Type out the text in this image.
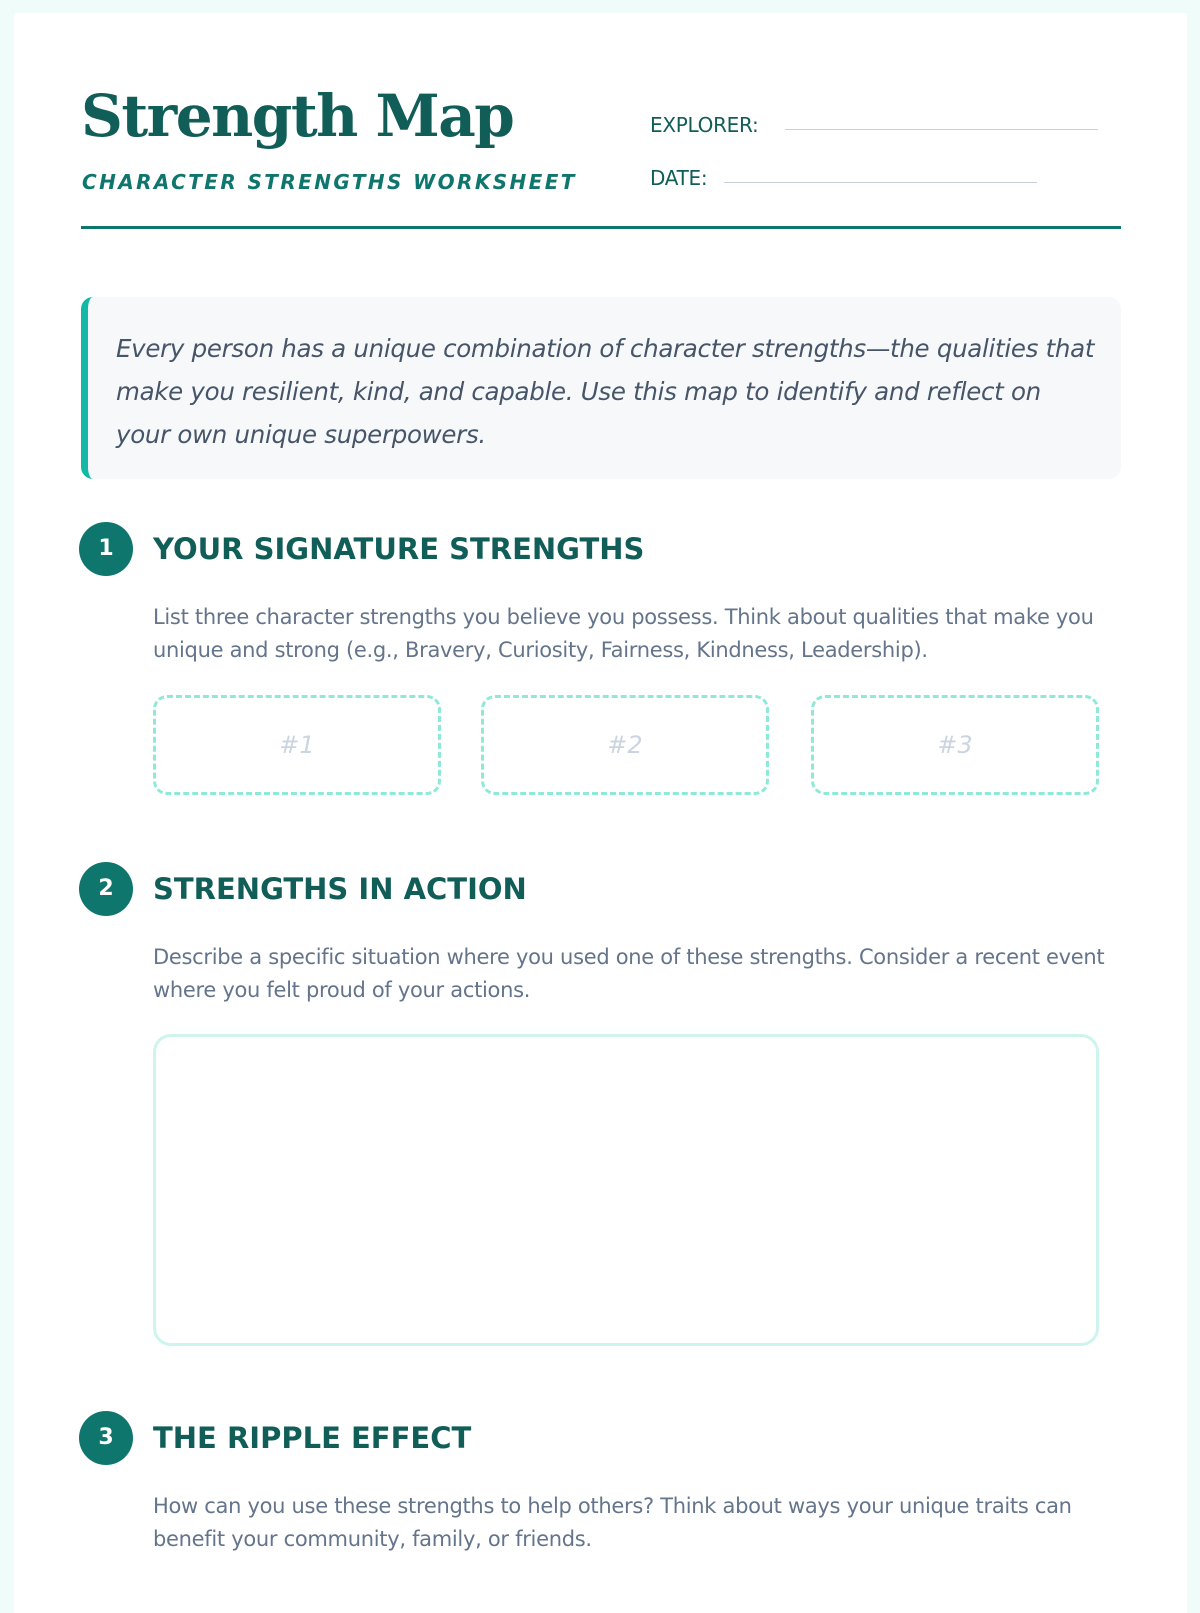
Strength Map
CHARACTER STRENGTHS WORKSHEET
EXPLORER:
DATE:

Every person has a unique combination of character strengths—the qualities that make you resilient, kind, and capable. Use this map to identify and reflect on your own unique superpowers.

1	YOUR SIGNATURE STRENGTHS

List three character strengths you believe you possess. Think about qualities that make you unique and strong (e.g., Bravery, Curiosity, Fairness, Kindness, Leadership).

#1	#2	#3
2	STRENGTHS IN ACTION

Describe a specific situation where you used one of these strengths. Consider a recent event where you felt proud of your actions.

3	THE RIPPLE EFFECT

How can you use these strengths to help others? Think about ways your unique traits can benefit your community, family, or friends.
